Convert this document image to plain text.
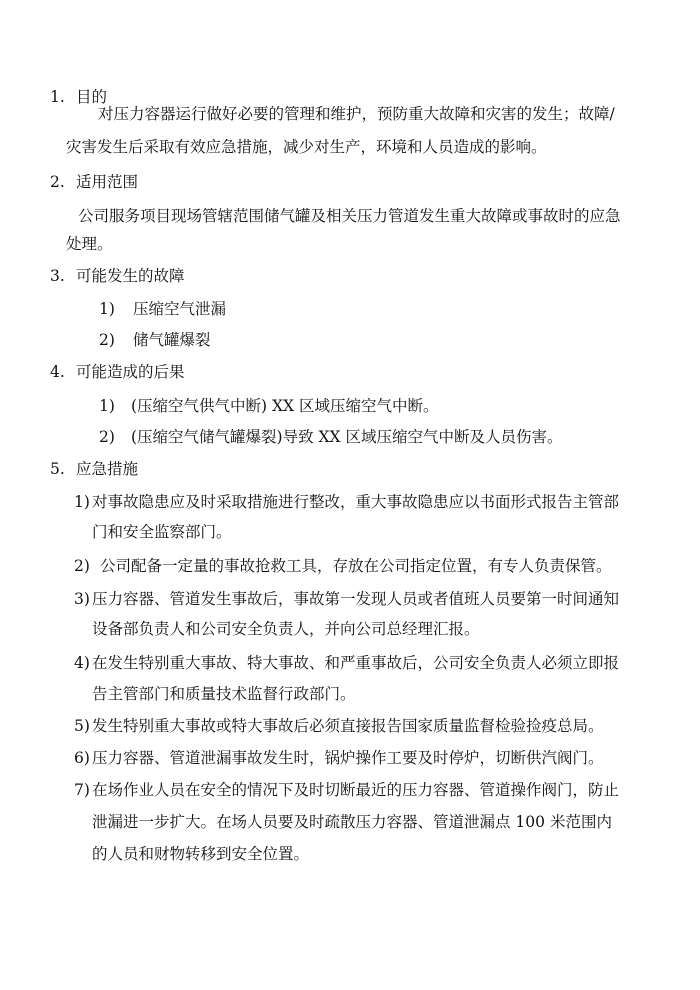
1. 目的
对压力容器运行做好必要的管理和维护，预防重大故障和灾害的发生；故障/
灾害发生后采取有效应急措施，减少对生产，环境和人员造成的影响。
2. 适用范围
公司服务项目现场管辖范围储气罐及相关压力管道发生重大故障或事故时的应急
处理。
3. 可能发生的故障
1) 压缩空气泄漏
2) 储气罐爆裂
4. 可能造成的后果
1) (压缩空气供气中断) XX 区域压缩空气中断。
2) (压缩空气储气罐爆裂)导致 XX 区域压缩空气中断及人员伤害。
5. 应急措施
1) 对事故隐患应及时采取措施进行整改，重大事故隐患应以书面形式报告主管部
门和安全监察部门。
2) 公司配备一定量的事故抢救工具，存放在公司指定位置，有专人负责保管。
3) 压力容器、管道发生事故后，事故第一发现人员或者值班人员要第一时间通知
设备部负责人和公司安全负责人，并向公司总经理汇报。
4) 在发生特别重大事故、特大事故、和严重事故后，公司安全负责人必须立即报
告主管部门和质量技术监督行政部门。
5) 发生特别重大事故或特大事故后必须直接报告国家质量监督检验捡疫总局。
6) 压力容器、管道泄漏事故发生时，锅炉操作工要及时停炉，切断供汽阀门。
7) 在场作业人员在安全的情况下及时切断最近的压力容器、管道操作阀门，防止
泄漏进一步扩大。在场人员要及时疏散压力容器、管道泄漏点 100 米范围内
的人员和财物转移到安全位置。
